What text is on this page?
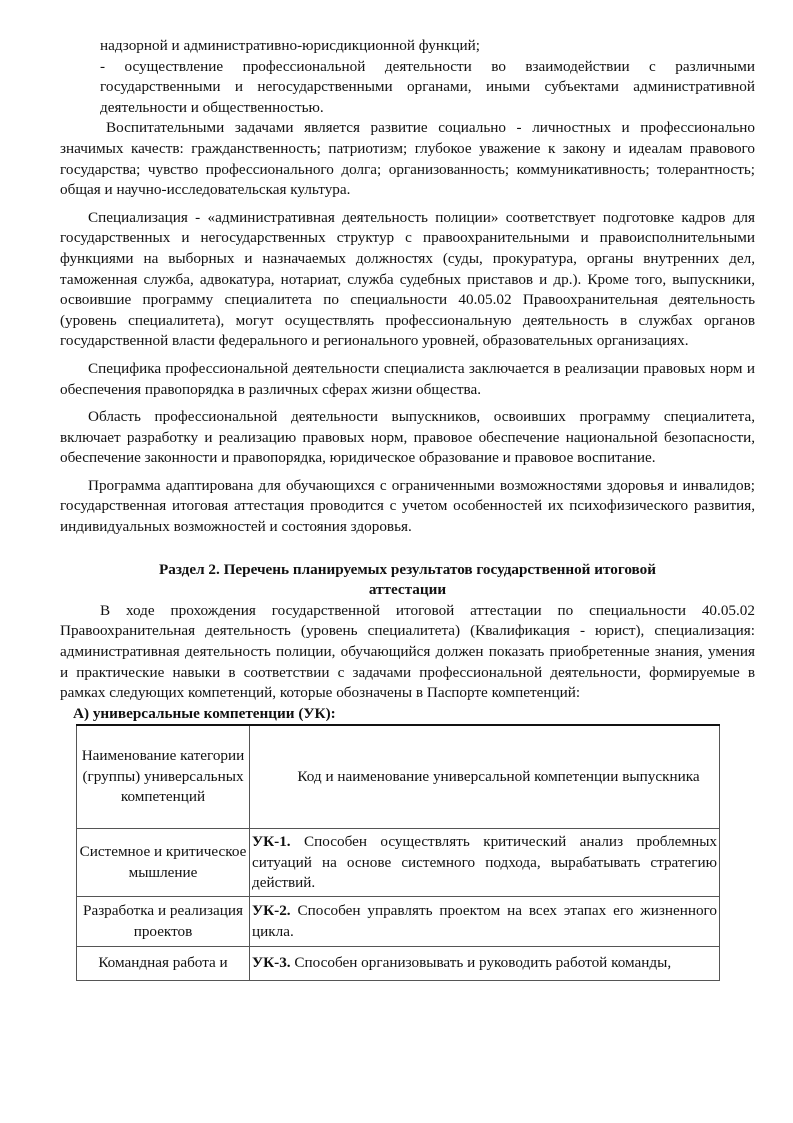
надзорной и административно-юрисдикционной функций;

- осуществление профессиональной деятельности во взаимодействии с различными государственными и негосударственными органами, иными субъектами административной деятельности и общественностью.

Воспитательными задачами является развитие социально - личностных и профессионально значимых качеств: гражданственность; патриотизм; глубокое уважение к закону и идеалам правового государства; чувство профессионального долга; организованность; коммуникативность; толерантность; общая и научно-исследовательская культура.

Специализация - «административная деятельность полиции» соответствует подготовке кадров для государственных и негосударственных структур с правоохранительными и правоисполнительными функциями на выборных и назначаемых должностях (суды, прокуратура, органы внутренних дел, таможенная служба, адвокатура, нотариат, служба судебных приставов и др.). Кроме того, выпускники, освоившие программу специалитета по специальности 40.05.02 Правоохранительная деятельность (уровень специалитета), могут осуществлять профессиональную деятельность в службах органов государственной власти федерального и регионального уровней, образовательных организациях.

Специфика профессиональной деятельности специалиста заключается в реализации правовых норм и обеспечения правопорядка в различных сферах жизни общества.

Область профессиональной деятельности выпускников, освоивших программу специалитета, включает разработку и реализацию правовых норм, правовое обеспечение национальной безопасности, обеспечение законности и правопорядка, юридическое образование и правовое воспитание.

Программа адаптирована для обучающихся с ограниченными возможностями здоровья и инвалидов; государственная итоговая аттестация проводится с учетом особенностей их психофизического развития, индивидуальных возможностей и состояния здоровья.

Раздел 2. Перечень планируемых результатов государственной итоговой
аттестации

В ходе прохождения государственной итоговой аттестации по специальности 40.05.02 Правоохранительная деятельность (уровень специалитета) (Квалификация - юрист), специализация: административная деятельность полиции, обучающийся должен показать приобретенные знания, умения и практические навыки в соответствии с задачами профессиональной деятельности, формируемые в рамках следующих компетенций, которые обозначены в Паспорте компетенций:

А) универсальные компетенции (УК):

Наименование категории (группы) универсальных компетенций	Код и наименование универсальной компетенции выпускника
Системное и критическое мышление	УК-1. Способен осуществлять критический анализ проблемных ситуаций на основе системного подхода, вырабатывать стратегию действий.
Разработка и реализация проектов	УК-2. Способен управлять проектом на всех этапах его жизненного цикла.
Командная работа и	УК-3. Способен организовывать и руководить работой команды,
